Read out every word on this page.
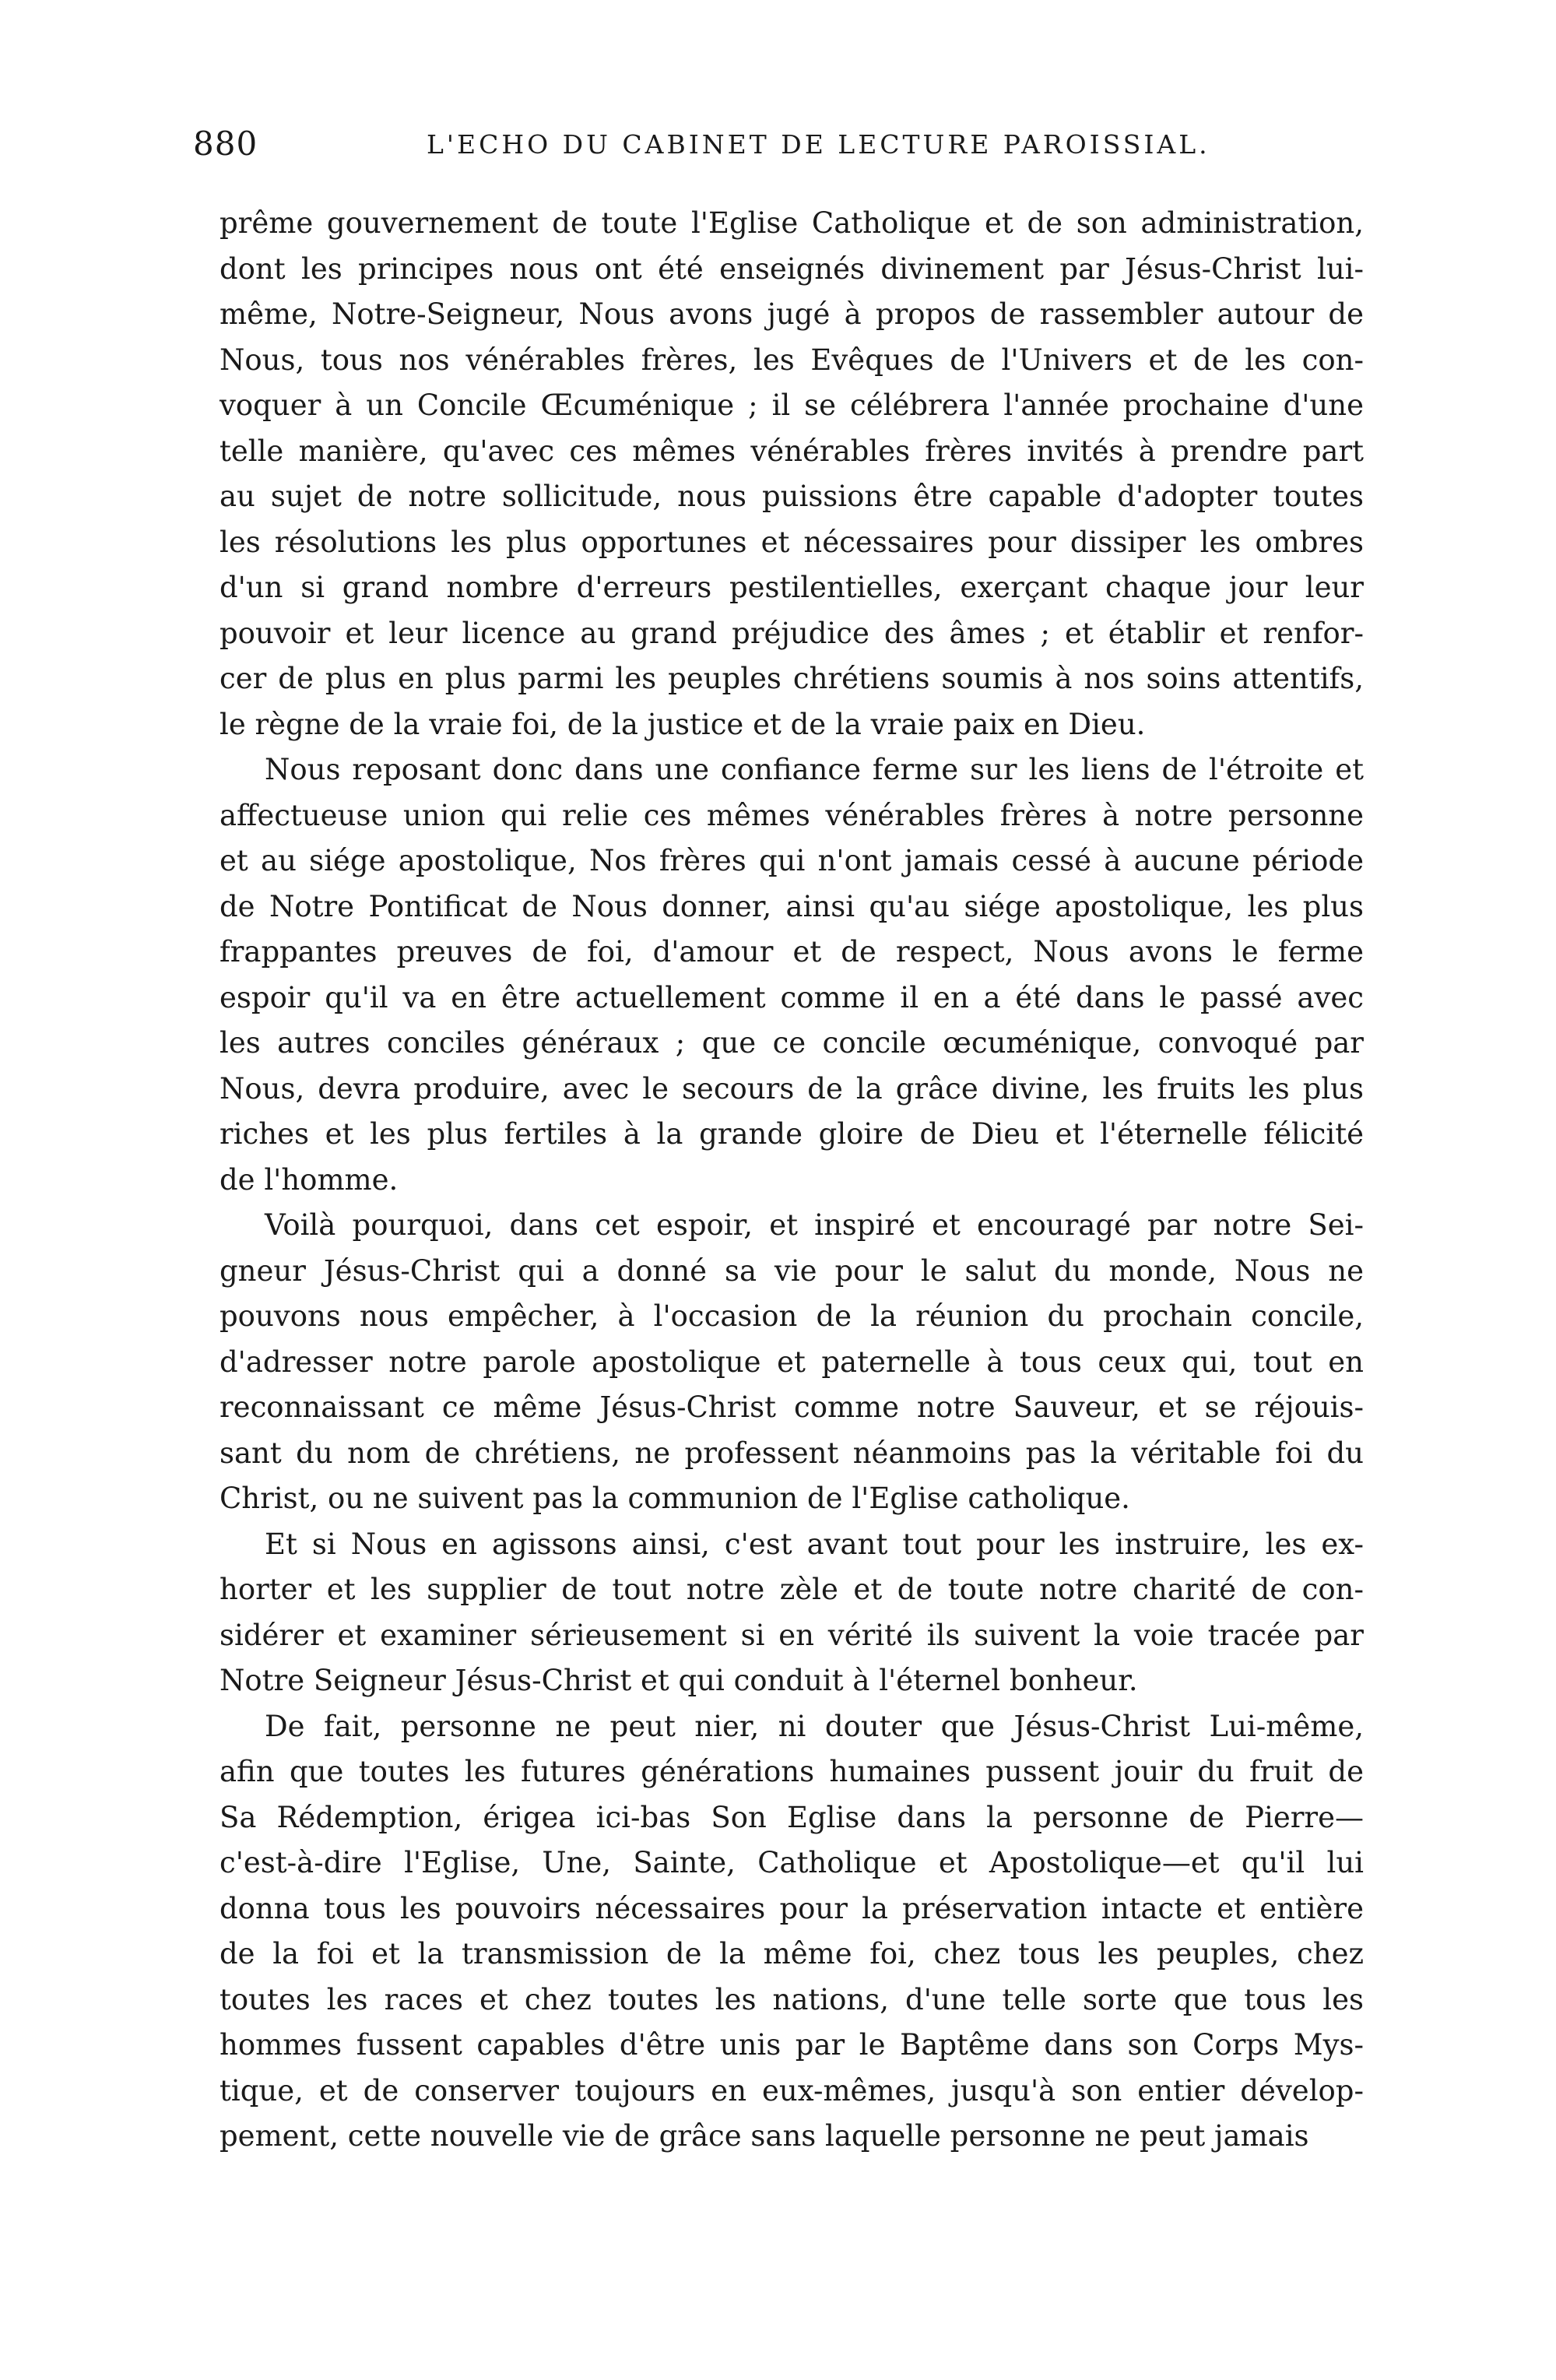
880	L'ECHO DU CABINET DE LECTURE PAROISSIAL.
prême gouvernement de toute l'Eglise Catholique et de son administration,
dont les principes nous ont été enseignés divinement par Jésus-Christ lui-
même, Notre-Seigneur, Nous avons jugé à propos de rassembler autour de
Nous, tous nos vénérables frères, les Evêques de l'Univers et de les con-
voquer à un Concile Œcuménique ; il se célébrera l'année prochaine d'une
telle manière, qu'avec ces mêmes vénérables frères invités à prendre part
au sujet de notre sollicitude, nous puissions être capable d'adopter toutes
les résolutions les plus opportunes et nécessaires pour dissiper les ombres
d'un si grand nombre d'erreurs pestilentielles, exerçant chaque jour leur
pouvoir et leur licence au grand préjudice des âmes ; et établir et renfor-
cer de plus en plus parmi les peuples chrétiens soumis à nos soins attentifs,
le règne de la vraie foi, de la justice et de la vraie paix en Dieu.
Nous reposant donc dans une confiance ferme sur les liens de l'étroite et
affectueuse union qui relie ces mêmes vénérables frères à notre personne
et au siége apostolique, Nos frères qui n'ont jamais cessé à aucune période
de Notre Pontificat de Nous donner, ainsi qu'au siége apostolique, les plus
frappantes preuves de foi, d'amour et de respect, Nous avons le ferme
espoir qu'il va en être actuellement comme il en a été dans le passé avec
les autres conciles généraux ; que ce concile œcuménique, convoqué par
Nous, devra produire, avec le secours de la grâce divine, les fruits les plus
riches et les plus fertiles à la grande gloire de Dieu et l'éternelle félicité
de l'homme.
Voilà pourquoi, dans cet espoir, et inspiré et encouragé par notre Sei-
gneur Jésus-Christ qui a donné sa vie pour le salut du monde, Nous ne
pouvons nous empêcher, à l'occasion de la réunion du prochain concile,
d'adresser notre parole apostolique et paternelle à tous ceux qui, tout en
reconnaissant ce même Jésus-Christ comme notre Sauveur, et se réjouis-
sant du nom de chrétiens, ne professent néanmoins pas la véritable foi du
Christ, ou ne suivent pas la communion de l'Eglise catholique.
Et si Nous en agissons ainsi, c'est avant tout pour les instruire, les ex-
horter et les supplier de tout notre zèle et de toute notre charité de con-
sidérer et examiner sérieusement si en vérité ils suivent la voie tracée par
Notre Seigneur Jésus-Christ et qui conduit à l'éternel bonheur.
De fait, personne ne peut nier, ni douter que Jésus-Christ Lui-même,
afin que toutes les futures générations humaines pussent jouir du fruit de
Sa Rédemption, érigea ici-bas Son Eglise dans la personne de Pierre—
c'est-à-dire l'Eglise, Une, Sainte, Catholique et Apostolique—et qu'il lui
donna tous les pouvoirs nécessaires pour la préservation intacte et entière
de la foi et la transmission de la même foi, chez tous les peuples, chez
toutes les races et chez toutes les nations, d'une telle sorte que tous les
hommes fussent capables d'être unis par le Baptême dans son Corps Mys-
tique, et de conserver toujours en eux-mêmes, jusqu'à son entier dévelop-
pement, cette nouvelle vie de grâce sans laquelle personne ne peut jamais
